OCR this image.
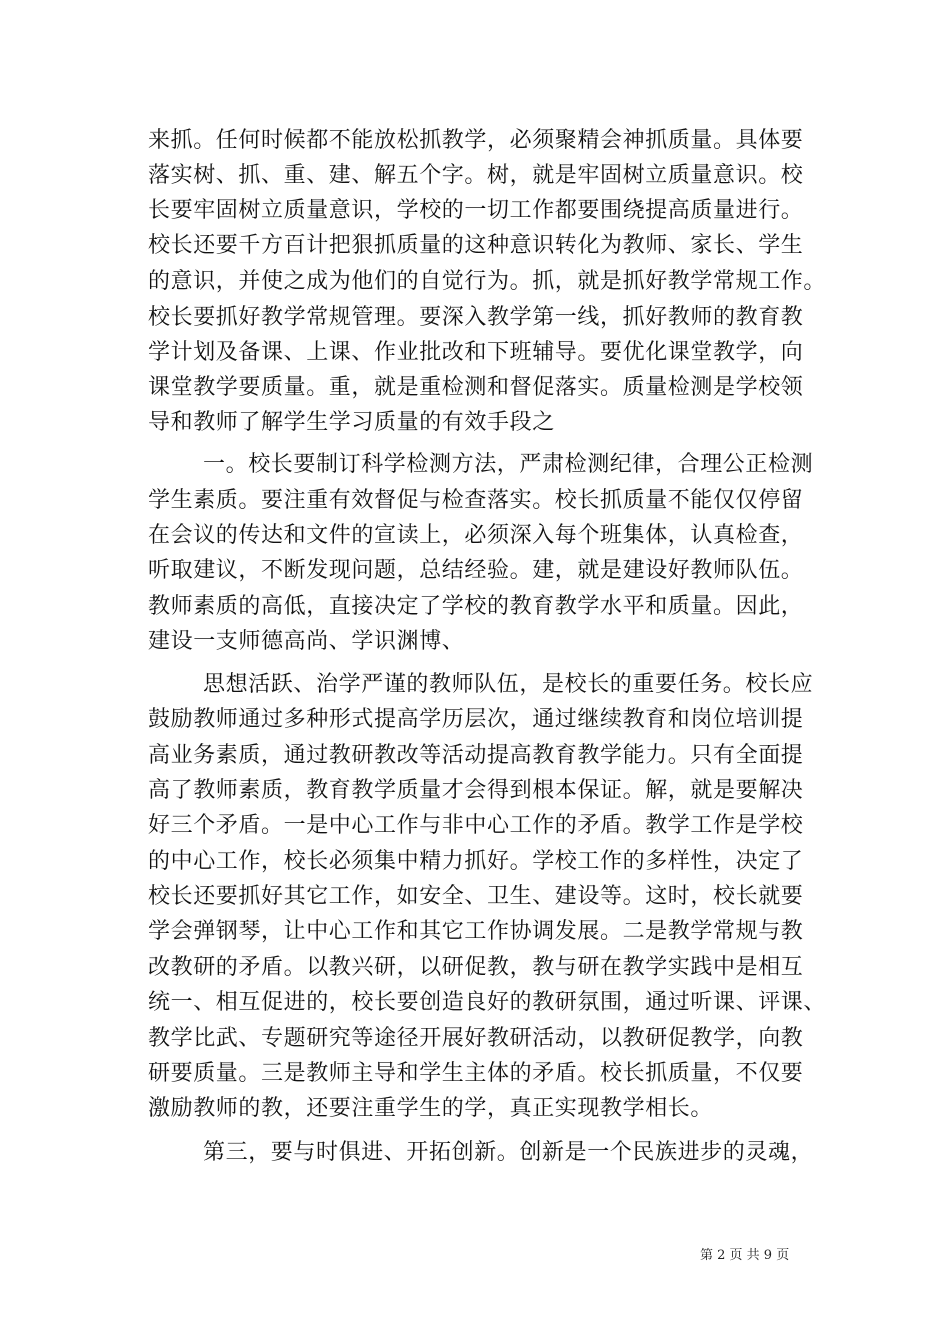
来抓。任何时候都不能放松抓教学，必须聚精会神抓质量。具体要
落实树、抓、重、建、解五个字。树，就是牢固树立质量意识。校
长要牢固树立质量意识，学校的一切工作都要围绕提高质量进行。
校长还要千方百计把狠抓质量的这种意识转化为教师、家长、学生
的意识，并使之成为他们的自觉行为。抓，就是抓好教学常规工作。
校长要抓好教学常规管理。要深入教学第一线，抓好教师的教育教
学计划及备课、上课、作业批改和下班辅导。要优化课堂教学，向
课堂教学要质量。重，就是重检测和督促落实。质量检测是学校领
导和教师了解学生学习质量的有效手段之
一。校长要制订科学检测方法，严肃检测纪律，合理公正检测
学生素质。要注重有效督促与检查落实。校长抓质量不能仅仅停留
在会议的传达和文件的宣读上，必须深入每个班集体，认真检查，
听取建议，不断发现问题，总结经验。建，就是建设好教师队伍。
教师素质的高低，直接决定了学校的教育教学水平和质量。因此，
建设一支师德高尚、学识渊博、
思想活跃、治学严谨的教师队伍，是校长的重要任务。校长应
鼓励教师通过多种形式提高学历层次，通过继续教育和岗位培训提
高业务素质，通过教研教改等活动提高教育教学能力。只有全面提
高了教师素质，教育教学质量才会得到根本保证。解，就是要解决
好三个矛盾。一是中心工作与非中心工作的矛盾。教学工作是学校
的中心工作，校长必须集中精力抓好。学校工作的多样性，决定了
校长还要抓好其它工作，如安全、卫生、建设等。这时，校长就要
学会弹钢琴，让中心工作和其它工作协调发展。二是教学常规与教
改教研的矛盾。以教兴研，以研促教，教与研在教学实践中是相互
统一、相互促进的，校长要创造良好的教研氛围，通过听课、评课、
教学比武、专题研究等途径开展好教研活动，以教研促教学，向教
研要质量。三是教师主导和学生主体的矛盾。校长抓质量，不仅要
激励教师的教，还要注重学生的学，真正实现教学相长。
第三，要与时俱进、开拓创新。创新是一个民族进步的灵魂，
第 2 页 共 9 页
